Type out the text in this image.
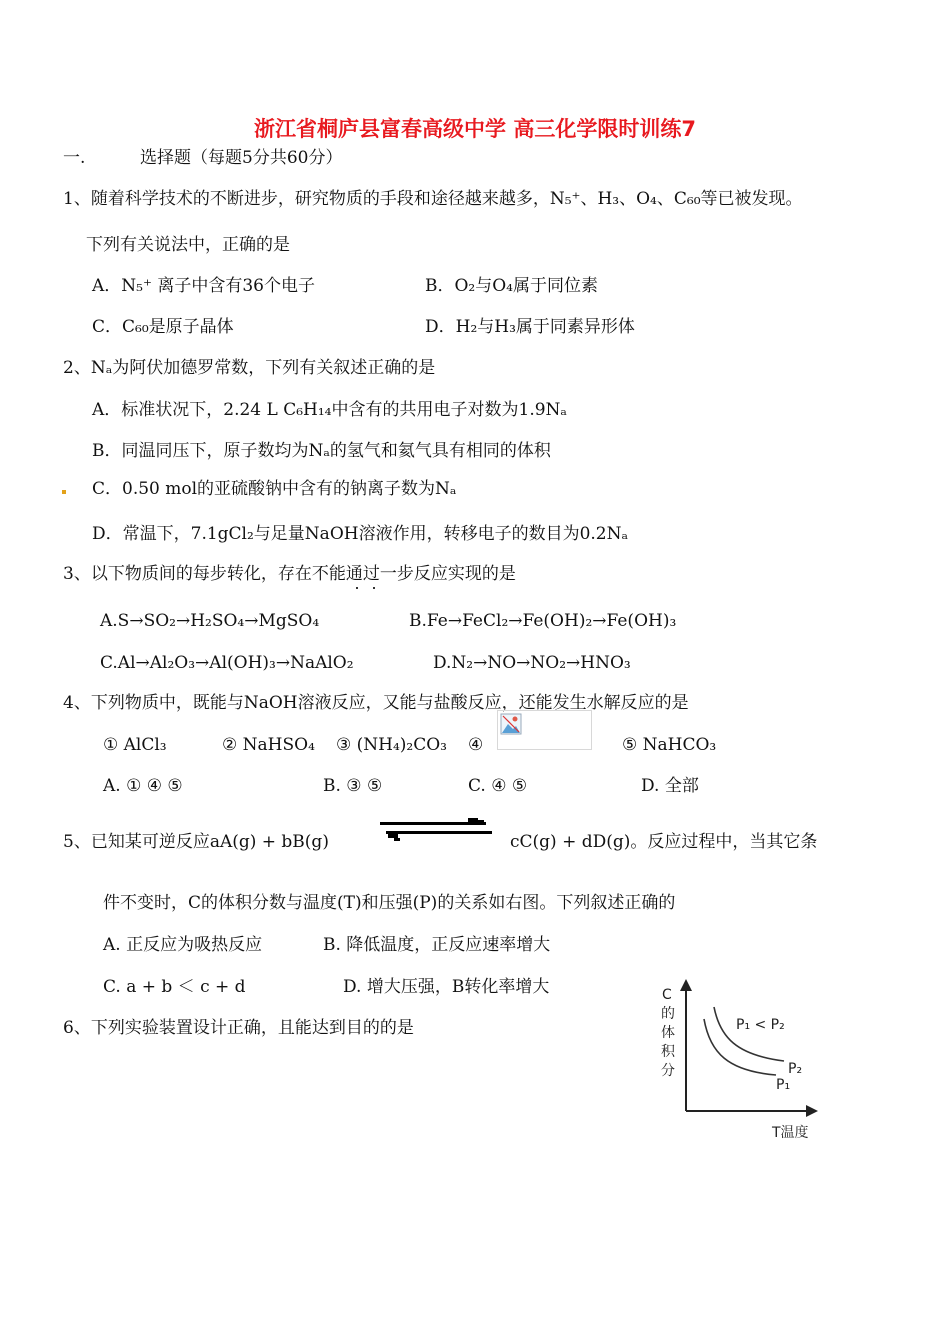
浙江省桐庐县富春高级中学 高三化学限时训练7
一.	选择题（每题5分共60分）
1、随着科学技术的不断进步，研究物质的手段和途径越来越多，N₅⁺、H₃、O₄、C₆₀等已被发现。
下列有关说法中，正确的是
A．N₅⁺ 离子中含有36个电子	B．O₂与O₄属于同位素
C．C₆₀是原子晶体	D．H₂与H₃属于同素异形体
2、Nₐ为阿伏加德罗常数，下列有关叙述正确的是
A．标准状况下，2.24 L C₆H₁₄中含有的共用电子对数为1.9Nₐ
B．同温同压下，原子数均为Nₐ的氢气和氦气具有相同的体积
C．0.50 mol的亚硫酸钠中含有的钠离子数为Nₐ
D．常温下，7.1gCl₂与足量NaOH溶液作用，转移电子的数目为0.2Nₐ
3、以下物质间的每步转化，存在不能通过一步反应实现的是
A.S→SO₂→H₂SO₄→MgSO₄	B.Fe→FeCl₂→Fe(OH)₂→Fe(OH)₃
C.Al→Al₂O₃→Al(OH)₃→NaAlO₂	D.N₂→NO→NO₂→HNO₃
4、下列物质中，既能与NaOH溶液反应，又能与盐酸反应，还能发生水解反应的是
① AlCl₃	② NaHSO₄ ③ (NH₄)₂CO₃ ④	⑤ NaHCO₃
A. ① ④ ⑤	B. ③ ⑤	C. ④ ⑤	D. 全部
5、已知某可逆反应aA(g) + bB(g)	cC(g) + dD(g)。反应过程中，当其它条
件不变时，C的体积分数与温度(T)和压强(P)的关系如右图。下列叙述正确的
A. 正反应为吸热反应	B. 降低温度，正反应速率增大
C. a + b ＜ c + d	D. 增大压强，B转化率增大
6、下列实验装置设计正确，且能达到目的的是
C
的
体
积
分
P₁ < P₂
P₂
P₁
T温度
